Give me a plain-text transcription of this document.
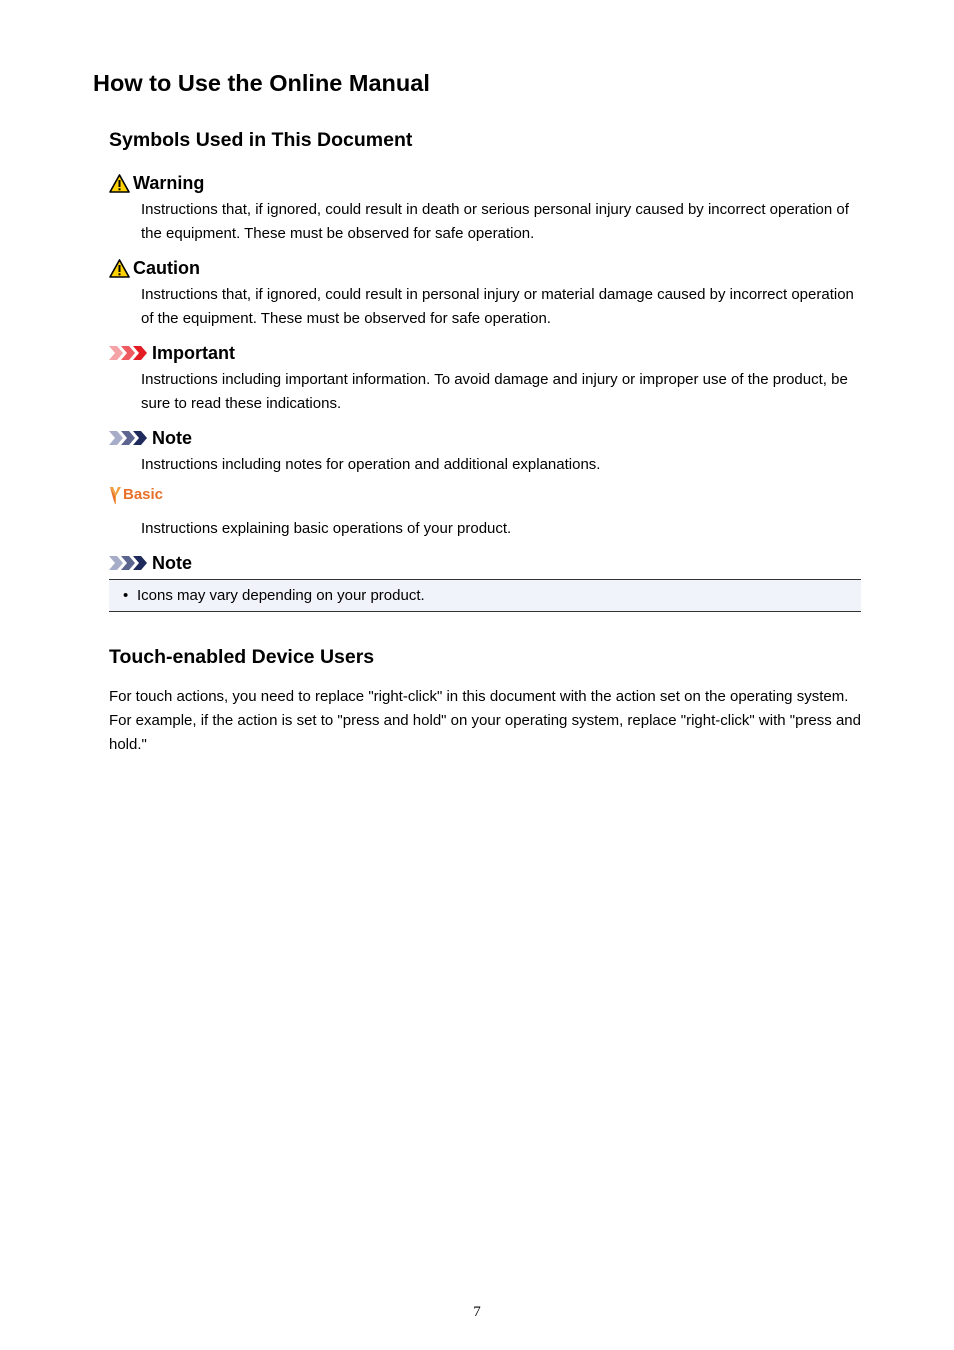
How to Use the Online Manual
Symbols Used in This Document
Warning

Instructions that, if ignored, could result in death or serious personal injury caused by incorrect operation of the equipment. These must be observed for safe operation.

Caution

Instructions that, if ignored, could result in personal injury or material damage caused by incorrect operation of the equipment. These must be observed for safe operation.

Important

Instructions including important information. To avoid damage and injury or improper use of the product, be sure to read these indications.

Note

Instructions including notes for operation and additional explanations.

Basic

Instructions explaining basic operations of your product.

Note
• Icons may vary depending on your product.
Touch-enabled Device Users

For touch actions, you need to replace "right-click" in this document with the action set on the operating system. For example, if the action is set to "press and hold" on your operating system, replace "right-click" with "press and hold."

7
